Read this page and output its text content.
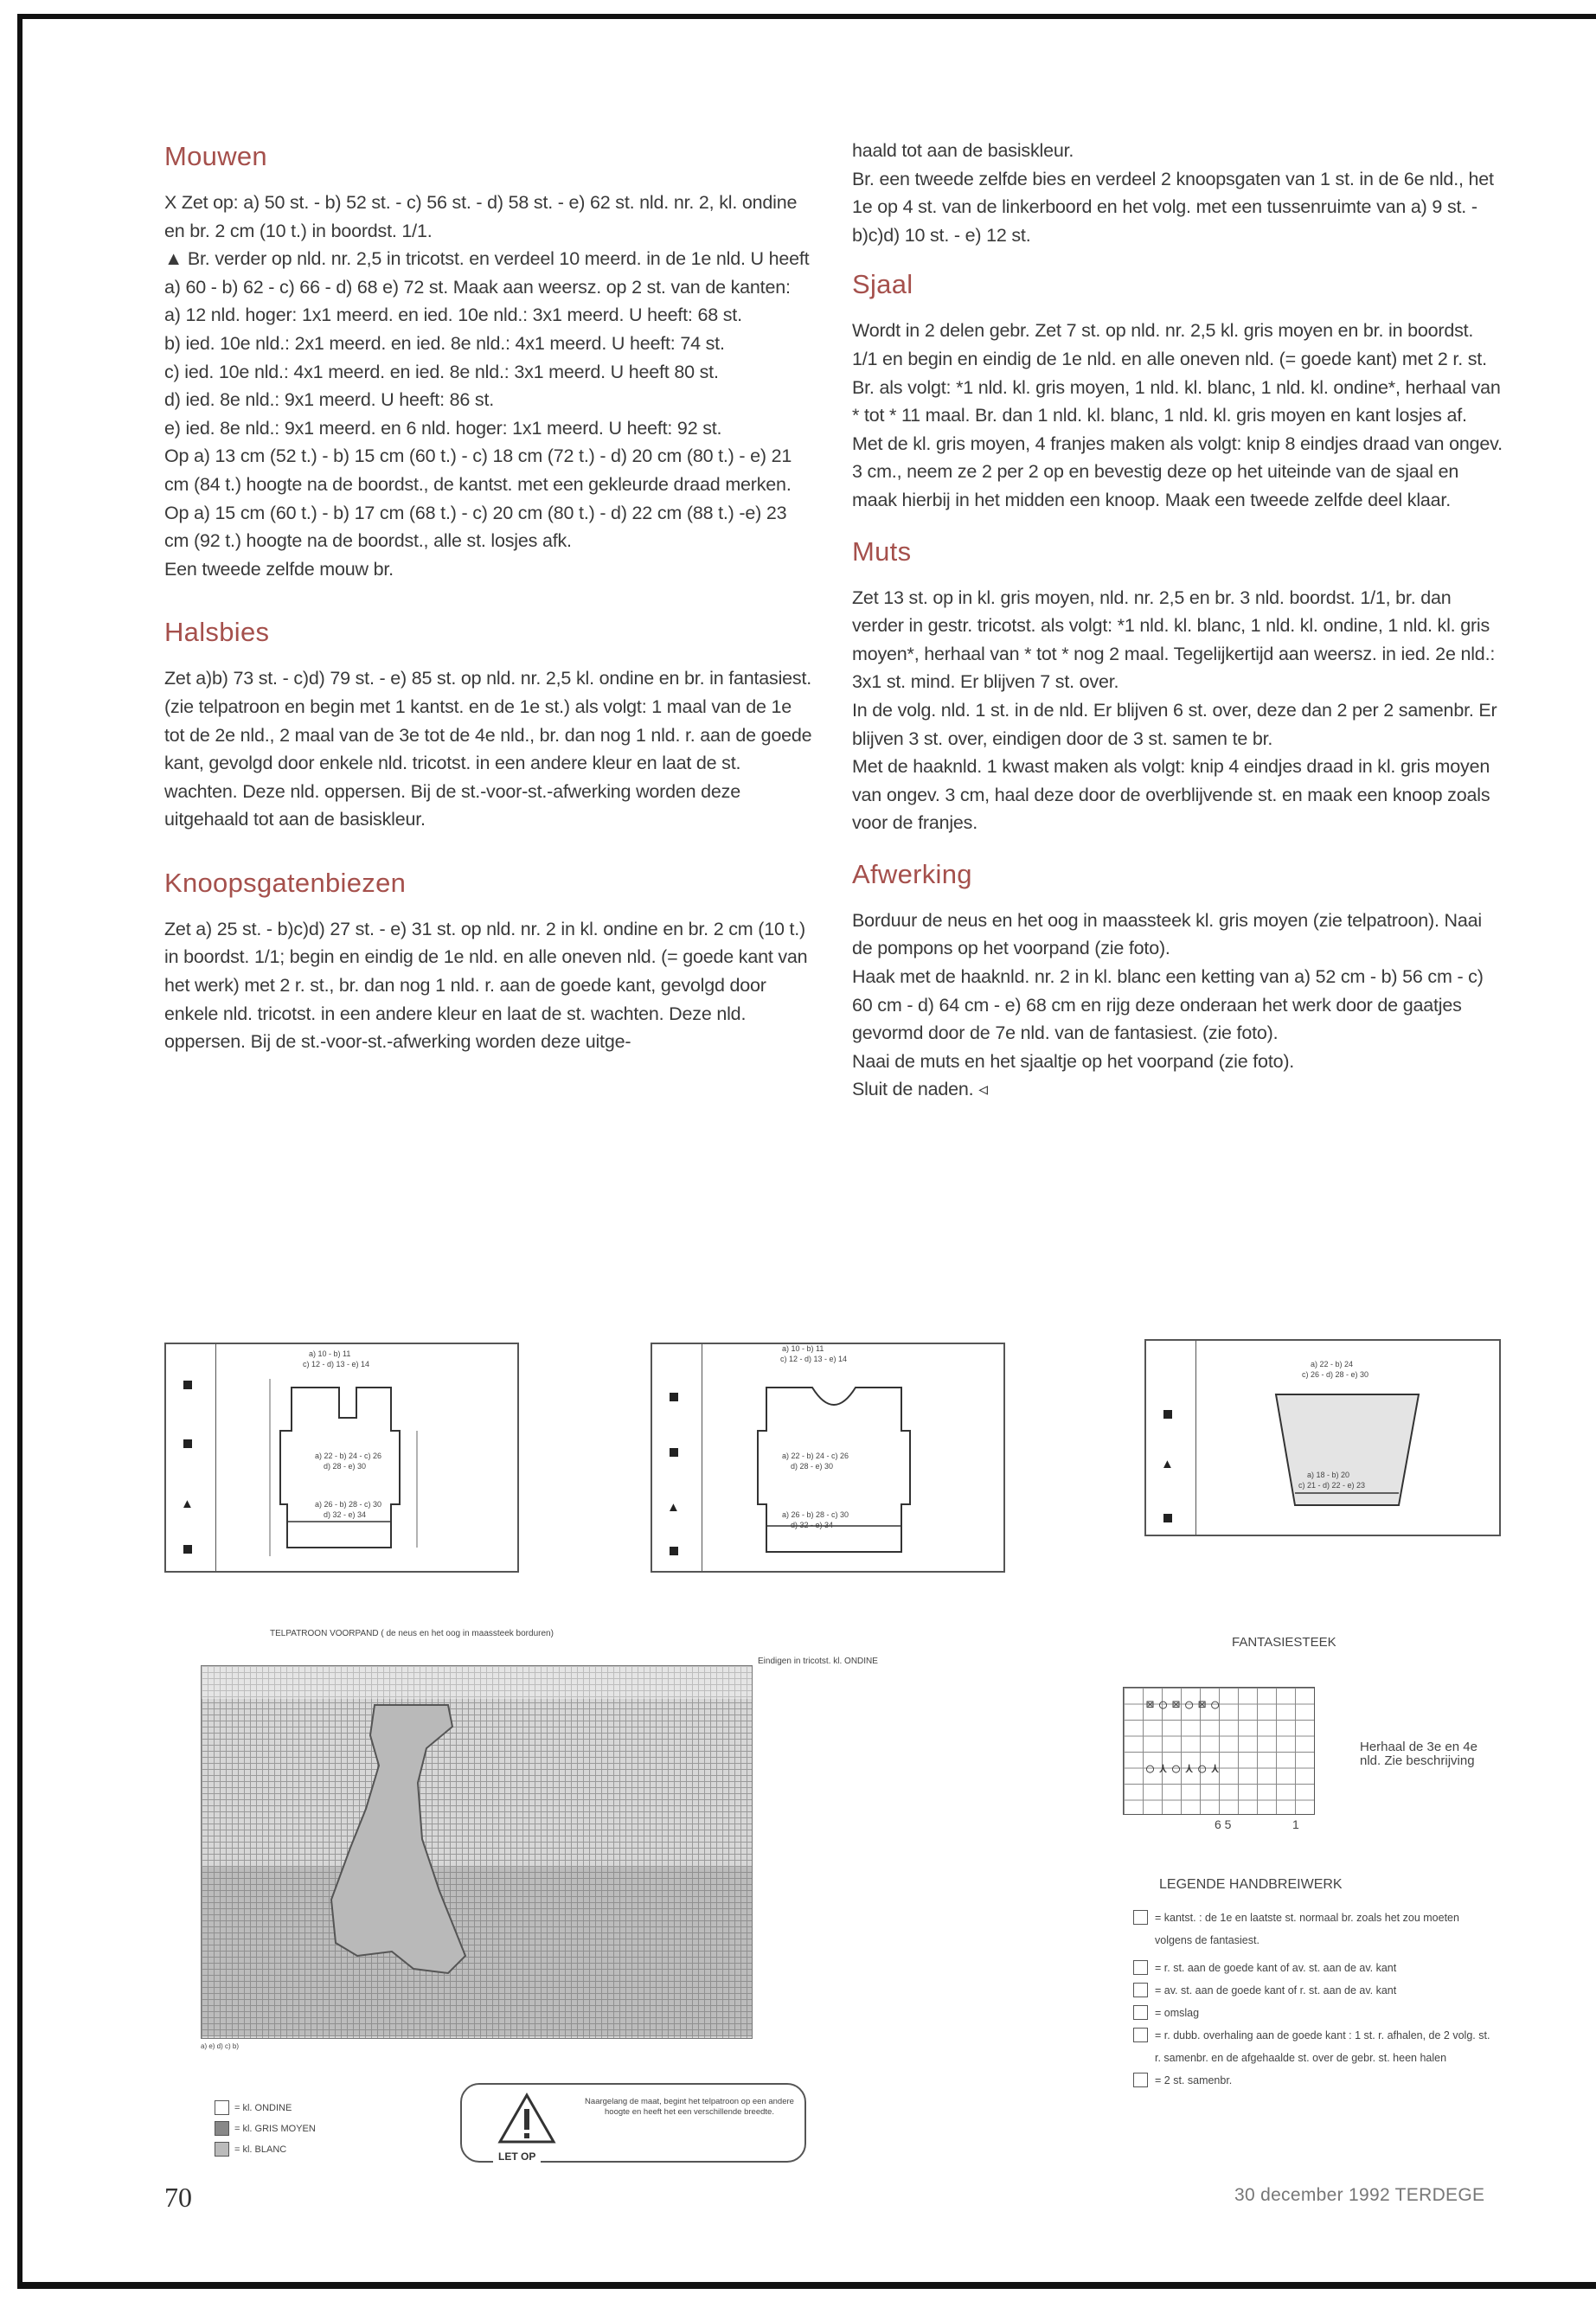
Mouwen

X Zet op: a) 50 st. - b) 52 st. - c) 56 st. - d) 58 st. - e) 62 st. nld. nr. 2, kl. ondine en br. 2 cm (10 t.) in boordst. 1/1.

▲ Br. verder op nld. nr. 2,5 in tricotst. en verdeel 10 meerd. in de 1e nld. U heeft a) 60 - b) 62 - c) 66 - d) 68 e) 72 st. Maak aan weersz. op 2 st. van de kanten:

a) 12 nld. hoger: 1x1 meerd. en ied. 10e nld.: 3x1 meerd. U heeft: 68 st.

b) ied. 10e nld.: 2x1 meerd. en ied. 8e nld.: 4x1 meerd. U heeft: 74 st.

c) ied. 10e nld.: 4x1 meerd. en ied. 8e nld.: 3x1 meerd. U heeft 80 st.

d) ied. 8e nld.: 9x1 meerd. U heeft: 86 st.

e) ied. 8e nld.: 9x1 meerd. en 6 nld. hoger: 1x1 meerd. U heeft: 92 st.

Op a) 13 cm (52 t.) - b) 15 cm (60 t.) - c) 18 cm (72 t.) - d) 20 cm (80 t.) - e) 21 cm (84 t.) hoogte na de boordst., de kantst. met een gekleurde draad merken.

Op a) 15 cm (60 t.) - b) 17 cm (68 t.) - c) 20 cm (80 t.) - d) 22 cm (88 t.) -e) 23 cm (92 t.) hoogte na de boordst., alle st. losjes afk.

Een tweede zelfde mouw br.

Halsbies

Zet a)b) 73 st. - c)d) 79 st. - e) 85 st. op nld. nr. 2,5 kl. ondine en br. in fantasiest. (zie telpatroon en begin met 1 kantst. en de 1e st.) als volgt: 1 maal van de 1e tot de 2e nld., 2 maal van de 3e tot de 4e nld., br. dan nog 1 nld. r. aan de goede kant, gevolgd door enkele nld. tricotst. in een andere kleur en laat de st. wachten. Deze nld. oppersen. Bij de st.-voor-st.-afwerking worden deze uitgehaald tot aan de basiskleur.

Knoopsgatenbiezen

Zet a) 25 st. - b)c)d) 27 st. - e) 31 st. op nld. nr. 2 in kl. ondine en br. 2 cm (10 t.) in boordst. 1/1; begin en eindig de 1e nld. en alle oneven nld. (= goede kant van het werk) met 2 r. st., br. dan nog 1 nld. r. aan de goede kant, gevolgd door enkele nld. tricotst. in een andere kleur en laat de st. wachten. Deze nld. oppersen. Bij de st.-voor-st.-afwerking worden deze uitge-

haald tot aan de basiskleur.

Br. een tweede zelfde bies en verdeel 2 knoopsgaten van 1 st. in de 6e nld., het 1e op 4 st. van de linkerboord en het volg. met een tussenruimte van a) 9 st. - b)c)d) 10 st. - e) 12 st.

Sjaal

Wordt in 2 delen gebr. Zet 7 st. op nld. nr. 2,5 kl. gris moyen en br. in boordst. 1/1 en begin en eindig de 1e nld. en alle oneven nld. (= goede kant) met 2 r. st. Br. als volgt: *1 nld. kl. gris moyen, 1 nld. kl. blanc, 1 nld. kl. ondine*, herhaal van * tot * 11 maal. Br. dan 1 nld. kl. blanc, 1 nld. kl. gris moyen en kant losjes af.

Met de kl. gris moyen, 4 franjes maken als volgt: knip 8 eindjes draad van ongev. 3 cm., neem ze 2 per 2 op en bevestig deze op het uiteinde van de sjaal en maak hierbij in het midden een knoop. Maak een tweede zelfde deel klaar.

Muts

Zet 13 st. op in kl. gris moyen, nld. nr. 2,5 en br. 3 nld. boordst. 1/1, br. dan verder in gestr. tricotst. als volgt: *1 nld. kl. blanc, 1 nld. kl. ondine, 1 nld. kl. gris moyen*, herhaal van * tot * nog 2 maal. Tegelijkertijd aan weersz. in ied. 2e nld.: 3x1 st. mind. Er blijven 7 st. over.

In de volg. nld. 1 st. in de nld. Er blijven 6 st. over, deze dan 2 per 2 samenbr. Er blijven 3 st. over, eindigen door de 3 st. samen te br.

Met de haaknld. 1 kwast maken als volgt: knip 4 eindjes draad in kl. gris moyen van ongev. 3 cm, haal deze door de overblijvende st. en maak een knoop zoals voor de franjes.

Afwerking

Borduur de neus en het oog in maassteek kl. gris moyen (zie telpatroon). Naai de pompons op het voorpand (zie foto).

Haak met de haaknld. nr. 2 in kl. blanc een ketting van a) 52 cm - b) 56 cm - c) 60 cm - d) 64 cm - e) 68 cm en rijg deze onderaan het werk door de gaatjes gevormd door de 7e nld. van de fantasiest. (zie foto).

Naai de muts en het sjaaltje op het voorpand (zie foto).

Sluit de naden. ◃

▲
a) 10 - b) 11
c) 12 - d) 13 - e) 14
a) 22 - b) 24 - c) 26
d) 28 - e) 30
a) 26 - b) 28 - c) 30
d) 32 - e) 34	▲
a) 10 - b) 11
c) 12 - d) 13 - e) 14
a) 22 - b) 24 - c) 26
d) 28 - e) 30
a) 26 - b) 28 - c) 30
d) 32 - e) 34
▲
a) 22 - b) 24
c) 26 - d) 28 - e) 30
a) 18 - b) 20
c) 21 - d) 22 - e) 23
TELPATROON VOORPAND ( de neus en het oog in maassteek borduren)
Eindigen in tricotst. kl. ONDINE
a) e) d) c) b)
= kl. ONDINE
= kl. GRIS MOYEN
= kl. BLANC
Naargelang de maat, begint het telpatroon op een andere hoogte en heeft het een verschillende breedte.
LET OP
FANTASIESTEEK
⊠○⊠○⊠○
○⋏○⋏○⋏
Herhaal de 3e en 4e nld. Zie beschrijving
6 5	1
LEGENDE HANDBREIWERK
= kantst. : de 1e en laatste st. normaal br. zoals het zou moeten volgens de fantasiest.
= r. st. aan de goede kant of av. st. aan de av. kant
= av. st. aan de goede kant of r. st. aan de av. kant
= omslag
= r. dubb. overhaling aan de goede kant : 1 st. r. afhalen, de 2 volg. st. r. samenbr. en de afgehaalde st. over de gebr. st. heen halen
= 2 st. samenbr.
70	30 december 1992 TERDEGE
